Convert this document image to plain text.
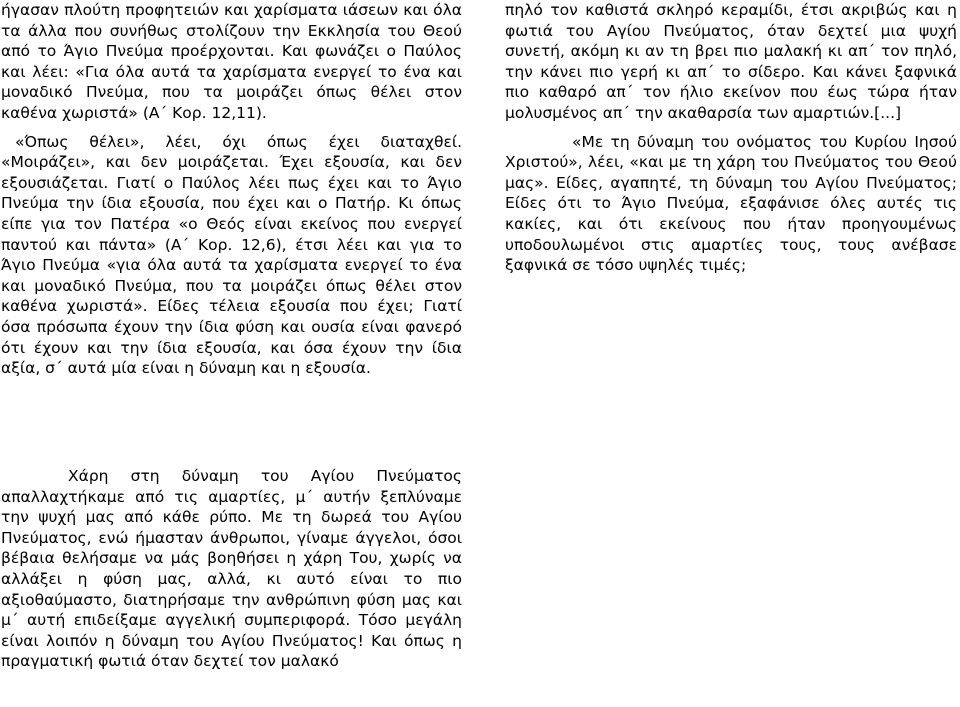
ήγασαν πλούτη προφητειών και χαρίσματα ιάσεων και όλα τα άλλα που συνήθως στολίζουν την Εκκλησία του Θεού από το Άγιο Πνεύμα προέρχονται. Και φωνάζει ο Παύλος και λέει: «Για όλα αυτά τα χαρίσματα ενεργεί το ένα και μοναδικό Πνεύμα, που τα μοιράζει όπως θέλει στον καθένα χωριστά» (Α΄ Κορ. 12,11).

«Όπως θέλει», λέει, όχι όπως έχει διαταχθεί. «Μοιράζει», και δεν μοιράζεται. Έχει εξουσία, και δεν εξουσιάζεται. Γιατί ο Παύλος λέει πως έχει και το Άγιο Πνεύμα την ίδια εξουσία, που έχει και ο Πατήρ. Κι όπως είπε για τον Πατέρα «ο Θεός είναι εκείνος που ενεργεί παντού και πάντα» (Α΄ Κορ. 12,6), έτσι λέει και για το Άγιο Πνεύμα «για όλα αυτά τα χαρίσματα ενεργεί το ένα και μοναδικό Πνεύμα, που τα μοιράζει όπως θέλει στον καθένα χωριστά». Είδες τέλεια εξουσία που έχει; Γιατί όσα πρόσωπα έχουν την ίδια φύση και ουσία είναι φανερό ότι έχουν και την ίδια εξουσία, και όσα έχουν την ίδια αξία, σ΄ αυτά μία είναι η δύναμη και η εξουσία.

πηλό τον καθιστά σκληρό κεραμίδι, έτσι ακριβώς και η φωτιά του Αγίου Πνεύματος, όταν δεχτεί μια ψυχή συνετή, ακόμη κι αν τη βρει πιο μαλακή κι απ΄ τον πηλό, την κάνει πιο γερή κι απ΄ το σίδερο. Και κάνει ξαφνικά πιο καθαρό απ΄ τον ήλιο εκείνον που έως τώρα ήταν μολυσμένος απ΄ την ακαθαρσία των αμαρτιών.[...]

«Με τη δύναμη του ονόματος του Κυρίου Ιησού Χριστού», λέει, «και με τη χάρη του Πνεύματος του Θεού μας». Είδες, αγαπητέ, τη δύναμη του Αγίου Πνεύματος; Είδες ότι το Άγιο Πνεύμα, εξαφάνισε όλες αυτές τις κακίες, και ότι εκείνους που ήταν προηγουμένως υποδουλωμένοι στις αμαρτίες τους, τους ανέβασε ξαφνικά σε τόσο υψηλές τιμές;

Χάρη στη δύναμη του Αγίου Πνεύματος απαλλαχτήκαμε από τις αμαρτίες, μ΄ αυτήν ξεπλύναμε την ψυχή μας από κάθε ρύπο. Με τη δωρεά του Αγίου Πνεύματος, ενώ ήμασταν άνθρωποι, γίναμε άγγελοι, όσοι βέβαια θελήσαμε να μάς βοηθήσει η χάρη Του, χωρίς να αλλάξει η φύση μας, αλλά, κι αυτό είναι το πιο αξιοθαύμαστο, διατηρήσαμε την ανθρώπινη φύση μας και μ΄ αυτή επιδείξαμε αγγελική συμπεριφορά. Τόσο μεγάλη είναι λοιπόν η δύναμη του Αγίου Πνεύματος! Και όπως η πραγματική φωτιά όταν δεχτεί τον μαλακό
